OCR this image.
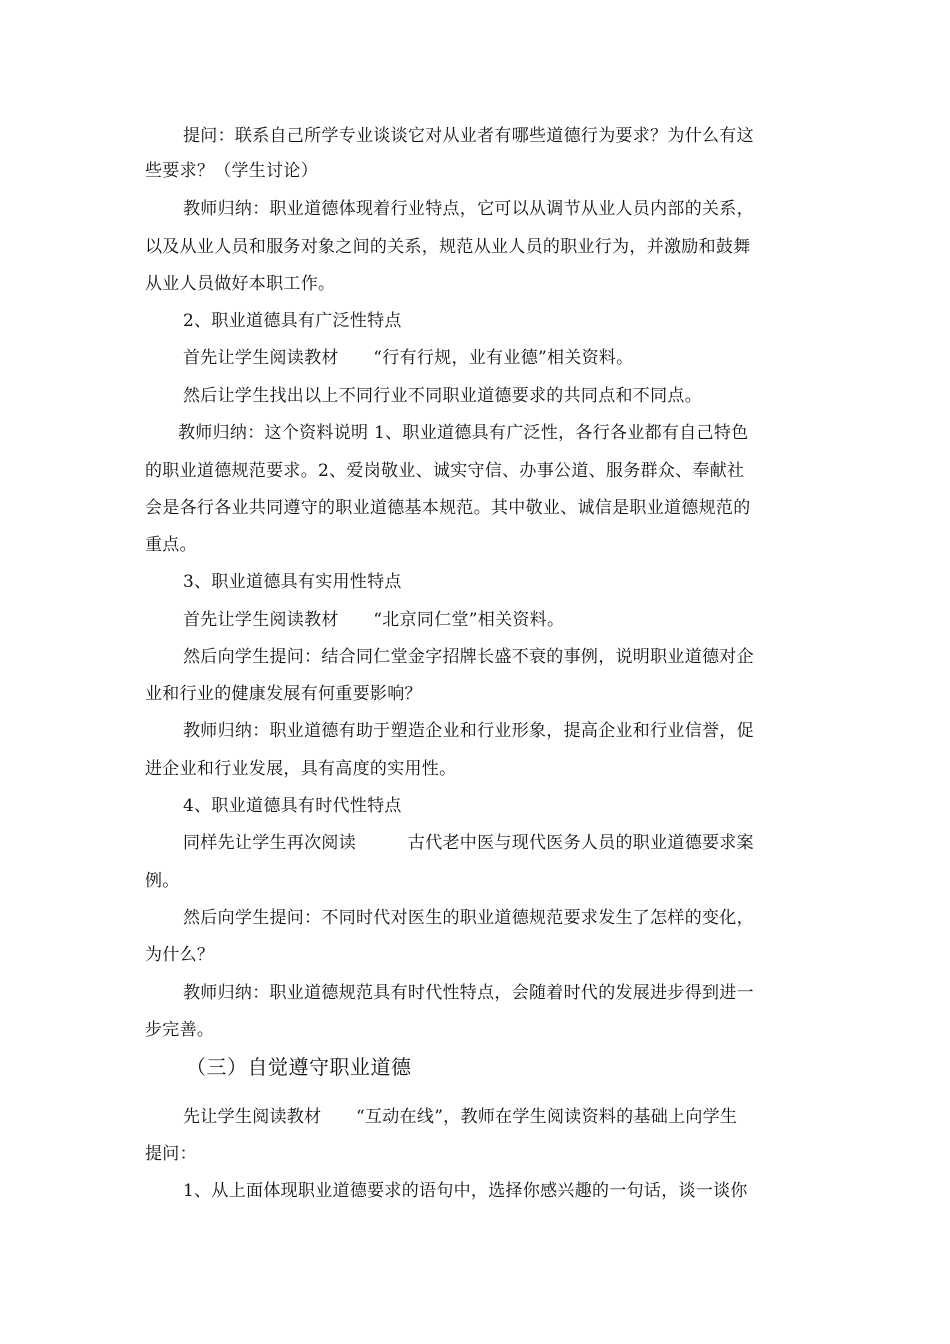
提问：联系自己所学专业谈谈它对从业者有哪些道德行为要求？为什么有这
些要求？（学生讨论）
教师归纳：职业道德体现着行业特点，它可以从调节从业人员内部的关系，
以及从业人员和服务对象之间的关系，规范从业人员的职业行为，并激励和鼓舞
从业人员做好本职工作。
2、职业道德具有广泛性特点
首先让学生阅读教材　　“行有行规，业有业德”相关资料。
然后让学生找出以上不同行业不同职业道德要求的共同点和不同点。
教师归纳：这个资料说明 1、职业道德具有广泛性，各行各业都有自己特色
的职业道德规范要求。2、爱岗敬业、诚实守信、办事公道、服务群众、奉献社
会是各行各业共同遵守的职业道德基本规范。其中敬业、诚信是职业道德规范的
重点。
3、职业道德具有实用性特点
首先让学生阅读教材　　“北京同仁堂”相关资料。
然后向学生提问：结合同仁堂金字招牌长盛不衰的事例，说明职业道德对企
业和行业的健康发展有何重要影响？
教师归纳：职业道德有助于塑造企业和行业形象，提高企业和行业信誉，促
进企业和行业发展，具有高度的实用性。
4、职业道德具有时代性特点
同样先让学生再次阅读　　　古代老中医与现代医务人员的职业道德要求案
例。
然后向学生提问：不同时代对医生的职业道德规范要求发生了怎样的变化，
为什么？
教师归纳：职业道德规范具有时代性特点，会随着时代的发展进步得到进一
步完善。
（三）自觉遵守职业道德
先让学生阅读教材　　“互动在线”，教师在学生阅读资料的基础上向学生
提问：
1、从上面体现职业道德要求的语句中，选择你感兴趣的一句话，谈一谈你
